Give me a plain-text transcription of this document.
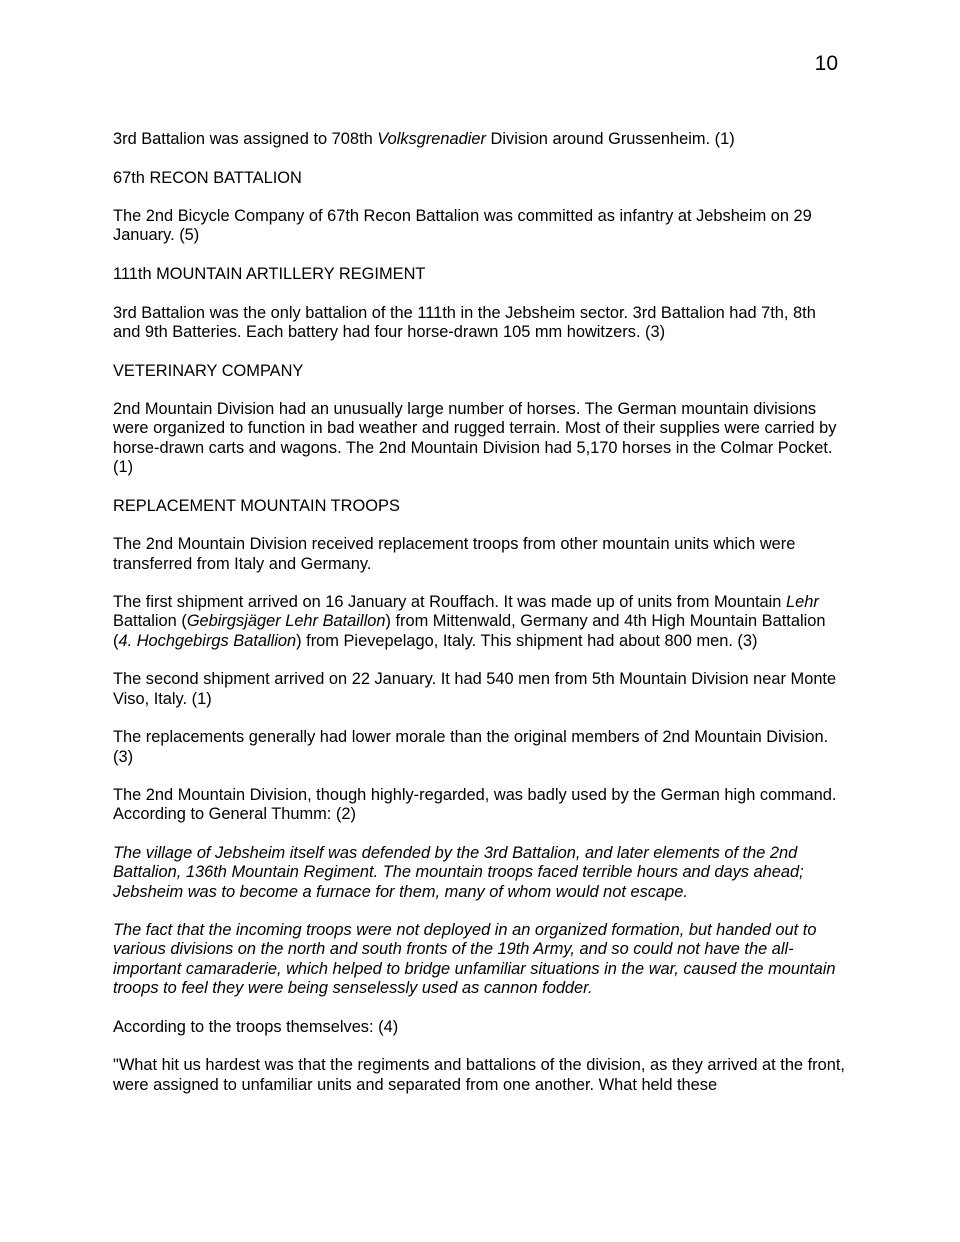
10

3rd Battalion was assigned to 708th Volksgrenadier Division around Grussenheim. (1)

67th RECON BATTALION

The 2nd Bicycle Company of 67th Recon Battalion was committed as infantry at Jebsheim on 29 January. (5)

111th MOUNTAIN ARTILLERY REGIMENT

3rd Battalion was the only battalion of the 111th in the Jebsheim sector. 3rd Battalion had 7th, 8th and 9th Batteries. Each battery had four horse-drawn 105 mm howitzers. (3)

VETERINARY COMPANY

2nd Mountain Division had an unusually large number of horses. The German mountain divisions were organized to function in bad weather and rugged terrain. Most of their supplies were carried by horse-drawn carts and wagons. The 2nd Mountain Division had 5,170 horses in the Colmar Pocket. (1)

REPLACEMENT MOUNTAIN TROOPS

The 2nd Mountain Division received replacement troops from other mountain units which were transferred from Italy and Germany.

The first shipment arrived on 16 January at Rouffach. It was made up of units from Mountain Lehr Battalion (Gebirgsjäger Lehr Bataillon) from Mittenwald, Germany and 4th High Mountain Battalion (4. Hochgebirgs Batallion) from Pievepelago, Italy. This shipment had about 800 men. (3)

The second shipment arrived on 22 January. It had 540 men from 5th Mountain Division near Monte Viso, Italy. (1)

The replacements generally had lower morale than the original members of 2nd Mountain Division. (3)

The 2nd Mountain Division, though highly-regarded, was badly used by the German high command. According to General Thumm: (2)

The village of Jebsheim itself was defended by the 3rd Battalion, and later elements of the 2nd Battalion, 136th Mountain Regiment. The mountain troops faced terrible hours and days ahead; Jebsheim was to become a furnace for them, many of whom would not escape.

The fact that the incoming troops were not deployed in an organized formation, but handed out to various divisions on the north and south fronts of the 19th Army, and so could not have the all-important camaraderie, which helped to bridge unfamiliar situations in the war, caused the mountain troops to feel they were being senselessly used as cannon fodder.

According to the troops themselves: (4)

"What hit us hardest was that the regiments and battalions of the division, as they arrived at the front, were assigned to unfamiliar units and separated from one another. What held these
